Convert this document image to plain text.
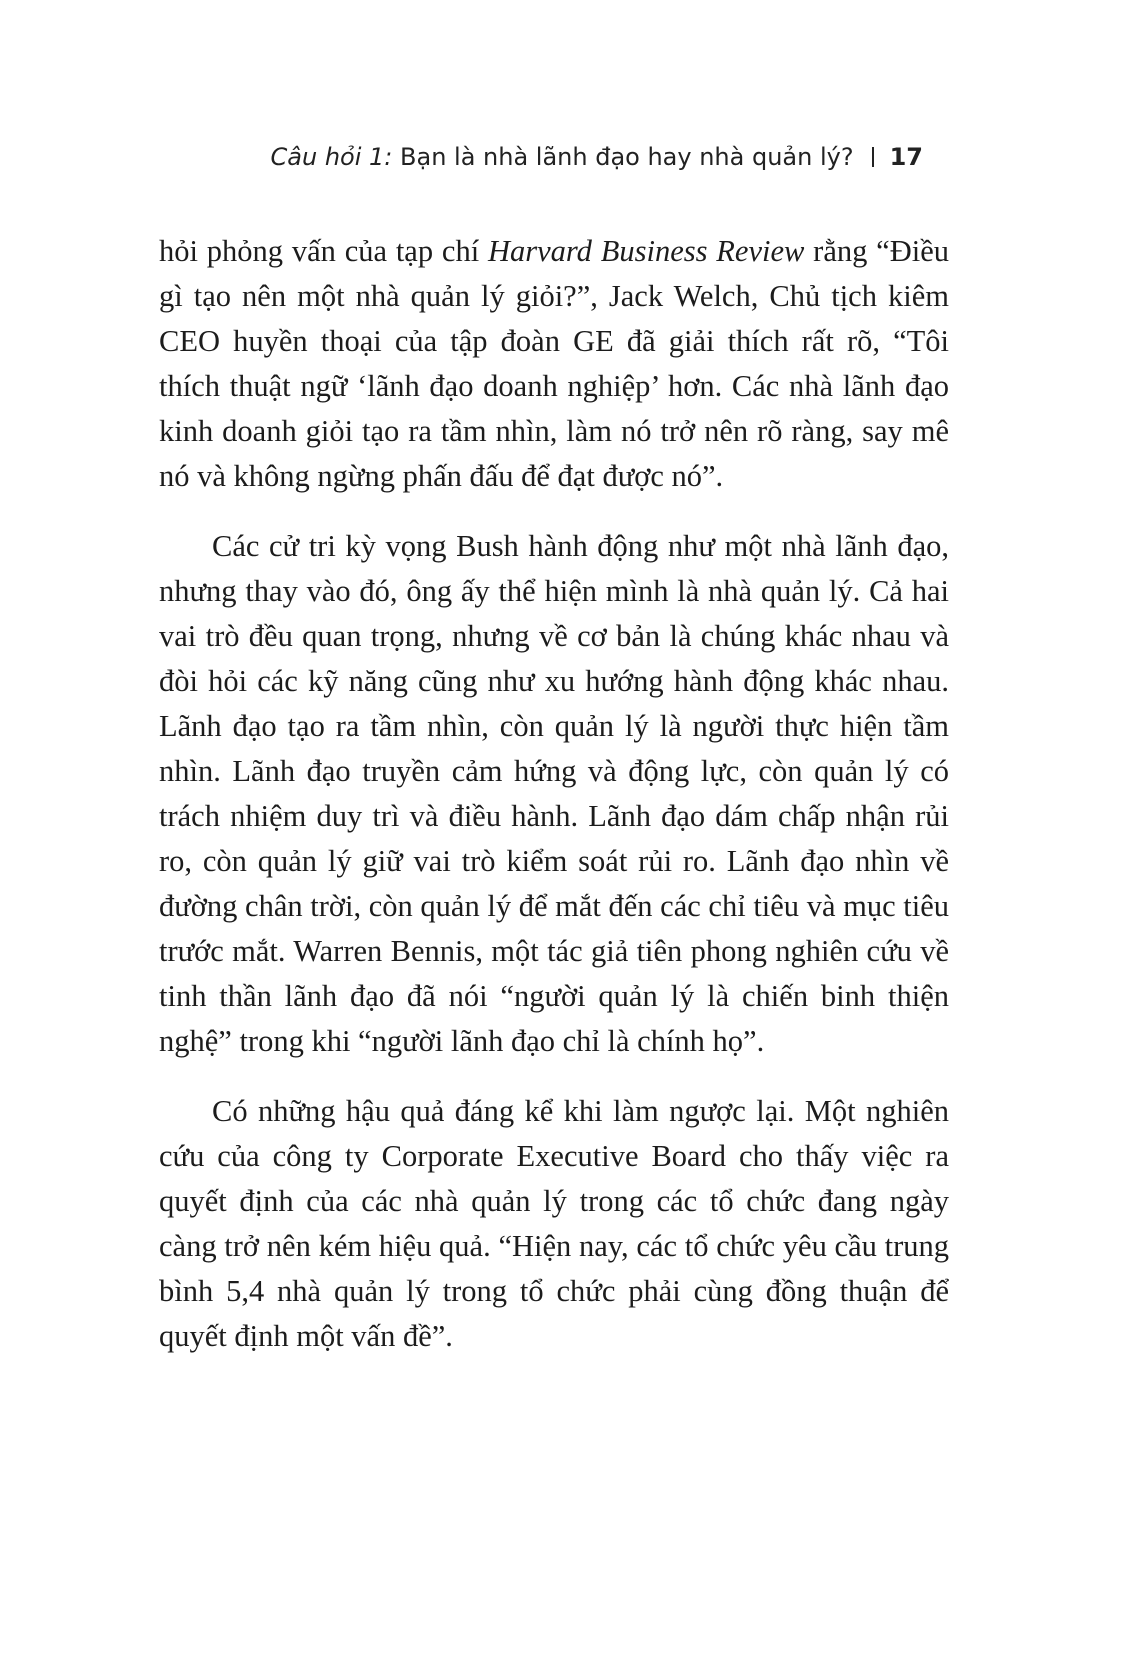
Câu hỏi 1: Bạn là nhà lãnh đạo hay nhà quản lý? 17

hỏi phỏng vấn của tạp chí Harvard Business Review rằng “Điều gì tạo nên một nhà quản lý giỏi?”, Jack Welch, Chủ tịch kiêm CEO huyền thoại của tập đoàn GE đã giải thích rất rõ, “Tôi thích thuật ngữ ‘lãnh đạo doanh nghiệp’ hơn. Các nhà lãnh đạo kinh doanh giỏi tạo ra tầm nhìn, làm nó trở nên rõ ràng, say mê nó và không ngừng phấn đấu để đạt được nó”.

Các cử tri kỳ vọng Bush hành động như một nhà lãnh đạo, nhưng thay vào đó, ông ấy thể hiện mình là nhà quản lý. Cả hai vai trò đều quan trọng, nhưng về cơ bản là chúng khác nhau và đòi hỏi các kỹ năng cũng như xu hướng hành động khác nhau. Lãnh đạo tạo ra tầm nhìn, còn quản lý là người thực hiện tầm nhìn. Lãnh đạo truyền cảm hứng và động lực, còn quản lý có trách nhiệm duy trì và điều hành. Lãnh đạo dám chấp nhận rủi ro, còn quản lý giữ vai trò kiểm soát rủi ro. Lãnh đạo nhìn về đường chân trời, còn quản lý để mắt đến các chỉ tiêu và mục tiêu trước mắt. Warren Bennis, một tác giả tiên phong nghiên cứu về tinh thần lãnh đạo đã nói “người quản lý là chiến binh thiện nghệ” trong khi “người lãnh đạo chỉ là chính họ”.

Có những hậu quả đáng kể khi làm ngược lại. Một nghiên cứu của công ty Corporate Executive Board cho thấy việc ra quyết định của các nhà quản lý trong các tổ chức đang ngày càng trở nên kém hiệu quả. “Hiện nay, các tổ chức yêu cầu trung bình 5,4 nhà quản lý trong tổ chức phải cùng đồng thuận để quyết định một vấn đề”.
